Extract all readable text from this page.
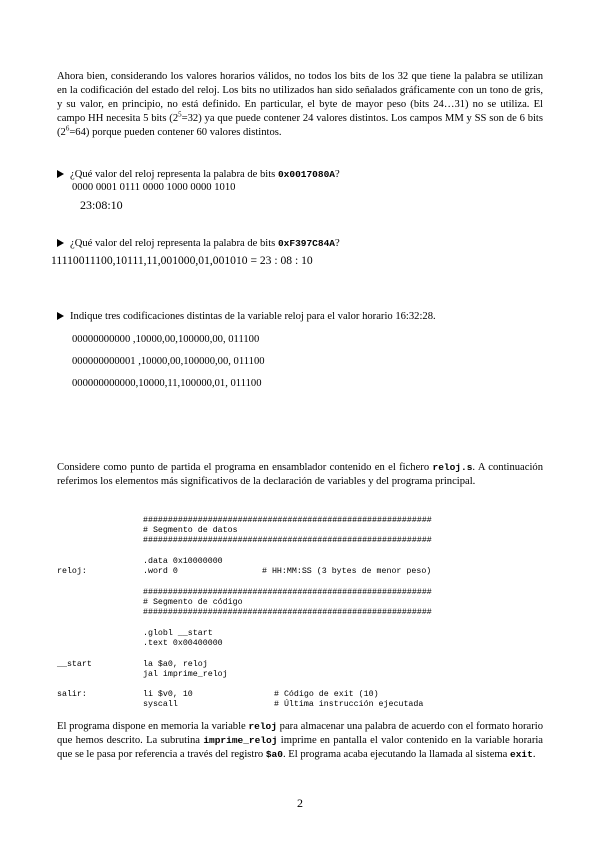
Ahora bien, considerando los valores horarios válidos, no todos los bits de los 32 que tiene la palabra se utilizan en la codificación del estado del reloj. Los bits no utilizados han sido señalados gráficamente con un tono de gris, y su valor, en principio, no está definido. En particular, el byte de mayor peso (bits 24…31) no se utiliza. El campo HH necesita 5 bits $(2^5=32)$ ya que puede contener 24 valores distintos. Los campos MM y SS son de 6 bits $(2^6=64)$ porque pueden contener 60 valores distintos.
¿Qué valor del reloj representa la palabra de bits 0x0017080A?
0000 0001 0111 0000 1000 0000 1010
23:08:10
¿Qué valor del reloj representa la palabra de bits 0xF397C84A?
11110011100,10111,11,001000,01,001010 = 23 : 08 : 10
Indique tres codificaciones distintas de la variable reloj para el valor horario 16:32:28.
00000000000 ,10000,00,100000,00, 011100
000000000001 ,10000,00,100000,00, 011100
000000000000,10000,11,100000,01, 011100
Considere como punto de partida el programa en ensamblador contenido en el fichero reloj.s. A continuación referimos los elementos más significativos de la declaración de variables y del programa principal.
##########################################################
# Segmento de datos
##########################################################
.data 0x10000000
reloj:	.word 0	# HH:MM:SS (3 bytes de menor peso)
##########################################################
# Segmento de código
##########################################################
.globl __start
.text 0x00400000
__start	la $a0, reloj
jal imprime_reloj
salir:	li $v0, 10	# Código de exit (10)
syscall	# Última instrucción ejecutada
El programa dispone en memoria la variable reloj para almacenar una palabra de acuerdo con el formato horario que hemos descrito. La subrutina imprime_reloj imprime en pantalla el valor contenido en la variable horaria que se le pasa por referencia a través del registro $a0. El programa acaba ejecutando la llamada al sistema exit.
2
